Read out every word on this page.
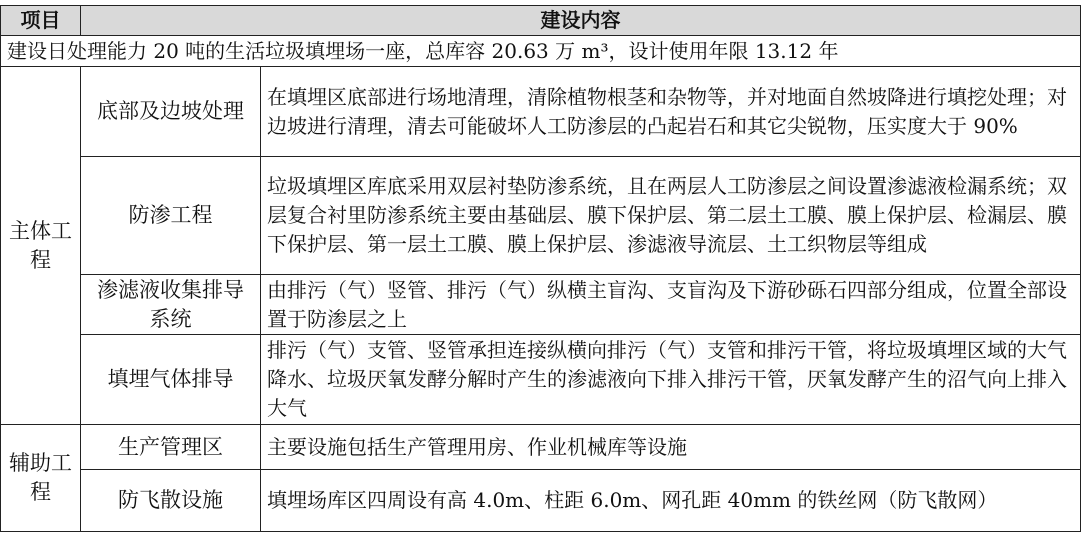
项目	建设内容	
建设日处理能力 20 吨的生活垃圾填埋场一座，总库容 20.63 万 m³，设计使用年限 13.12 年		
主体工程	底部及边坡处理	在填埋区底部进行场地清理，清除植物根茎和杂物等，并对地面自然坡降进行填挖处理；对边坡进行清理，清去可能破坏人工防渗层的凸起岩石和其它尖锐物，压实度大于 90%
	防渗工程	垃圾填埋区库底采用双层衬垫防渗系统，且在两层人工防渗层之间设置渗滤液检漏系统；双层复合衬里防渗系统主要由基础层、膜下保护层、第二层土工膜、膜上保护层、检漏层、膜下保护层、第一层土工膜、膜上保护层、渗滤液导流层、土工织物层等组成
	渗滤液收集排导系统	由排污（气）竖管、排污（气）纵横主盲沟、支盲沟及下游砂砾石四部分组成，位置全部设置于防渗层之上
	填埋气体排导	排污（气）支管、竖管承担连接纵横向排污（气）支管和排污干管，将垃圾填埋区域的大气降水、垃圾厌氧发酵分解时产生的渗滤液向下排入排污干管，厌氧发酵产生的沼气向上排入大气
辅助工程	生产管理区	主要设施包括生产管理用房、作业机械库等设施
	防飞散设施	填埋场库区四周设有高 4.0m、柱距 6.0m、网孔距 40mm 的铁丝网（防飞散网）
